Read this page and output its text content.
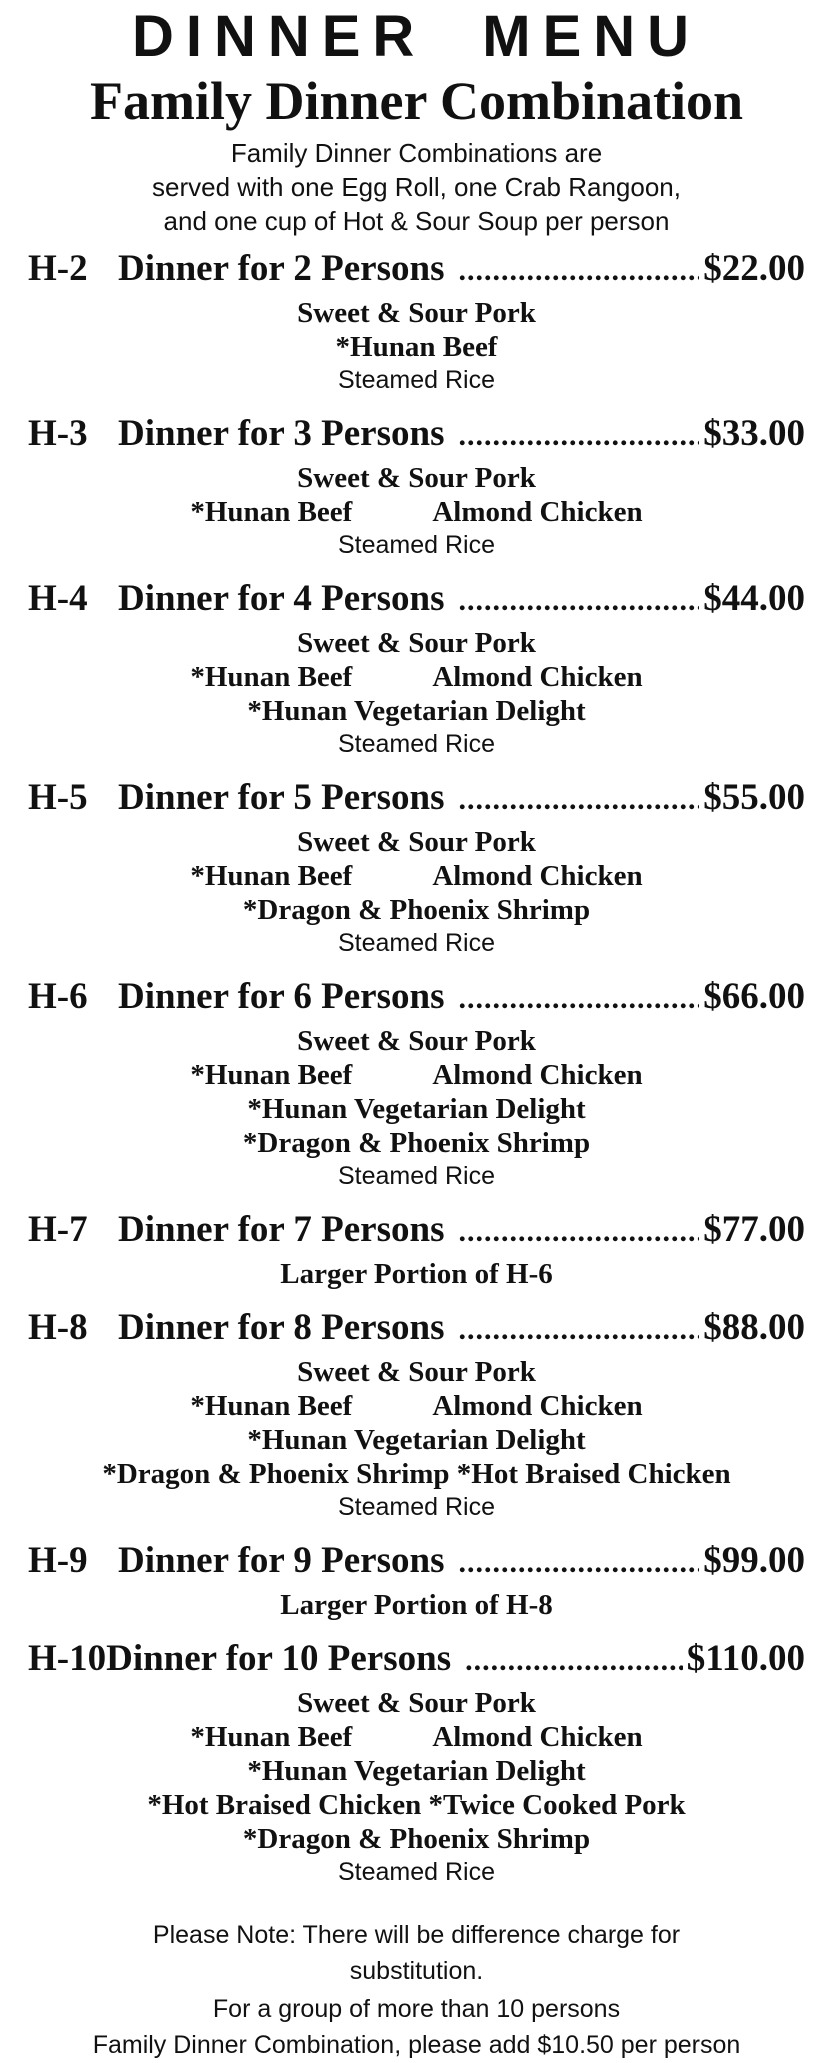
DINNER MENU
Family Dinner Combination
Family Dinner Combinations are
served with one Egg Roll, one Crab Rangoon,
and one cup of Hot & Sour Soup per person
H-2 Dinner for 2 Persons .....	$22.00
Sweet & Sour Pork
*Hunan Beef
Steamed Rice
H-3 Dinner for 3 Persons .....	$33.00
Sweet & Sour Pork
*Hunan Beef	Almond Chicken
Steamed Rice
H-4 Dinner for 4 Persons .....	$44.00
Sweet & Sour Pork
*Hunan Beef	Almond Chicken
*Hunan Vegetarian Delight
Steamed Rice
H-5 Dinner for 5 Persons .....	$55.00
Sweet & Sour Pork
*Hunan Beef	Almond Chicken
*Dragon & Phoenix Shrimp
Steamed Rice
H-6 Dinner for 6 Persons .....	$66.00
Sweet & Sour Pork
*Hunan Beef	Almond Chicken
*Hunan Vegetarian Delight
*Dragon & Phoenix Shrimp
Steamed Rice
H-7 Dinner for 7 Persons .....	$77.00
Larger Portion of H-6
H-8 Dinner for 8 Persons .....	$88.00
Sweet & Sour Pork
*Hunan Beef	Almond Chicken
*Hunan Vegetarian Delight
*Dragon & Phoenix Shrimp *Hot Braised Chicken
Steamed Rice
H-9 Dinner for 9 Persons .....	$99.00
Larger Portion of H-8
H-10 Dinner for 10 Persons .....	$110.00
Sweet & Sour Pork
*Hunan Beef	Almond Chicken
*Hunan Vegetarian Delight
*Hot Braised Chicken *Twice Cooked Pork
*Dragon & Phoenix Shrimp
Steamed Rice
Please Note: There will be difference charge for
substitution.
For a group of more than 10 persons
Family Dinner Combination, please add $10.50 per person
